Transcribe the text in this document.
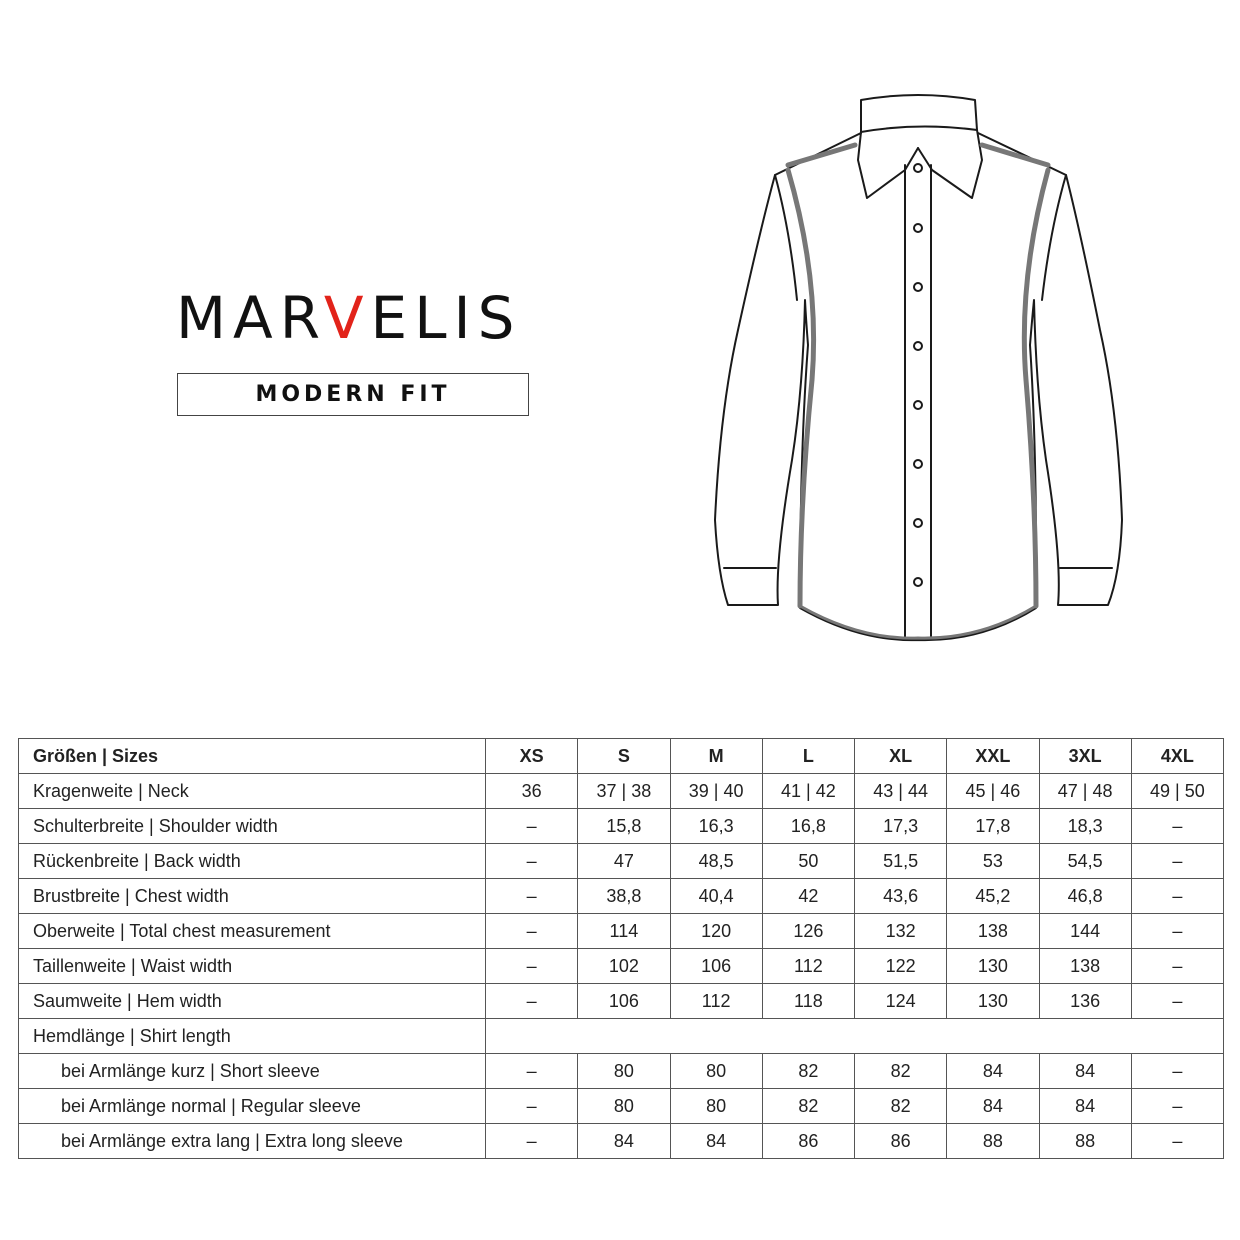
MARVELIS
MODERN FIT
Größen | Sizes	XS	S	M	L	XL	XXL	3XL	4XL
Kragenweite | Neck	36	37 | 38	39 | 40	41 | 42	43 | 44	45 | 46	47 | 48	49 | 50
Schulterbreite | Shoulder width	–	15,8	16,3	16,8	17,3	17,8	18,3	–
Rückenbreite | Back width	–	47	48,5	50	51,5	53	54,5	–
Brustbreite | Chest width	–	38,8	40,4	42	43,6	45,2	46,8	–
Oberweite | Total chest measurement	–	114	120	126	132	138	144	–
Taillenweite | Waist width	–	102	106	112	122	130	138	–
Saumweite | Hem width	–	106	112	118	124	130	136	–
Hemdlänge | Shirt length								
bei Armlänge kurz | Short sleeve	–	80	80	82	82	84	84	–
bei Armlänge normal | Regular sleeve	–	80	80	82	82	84	84	–
bei Armlänge extra lang | Extra long sleeve	–	84	84	86	86	88	88	–
